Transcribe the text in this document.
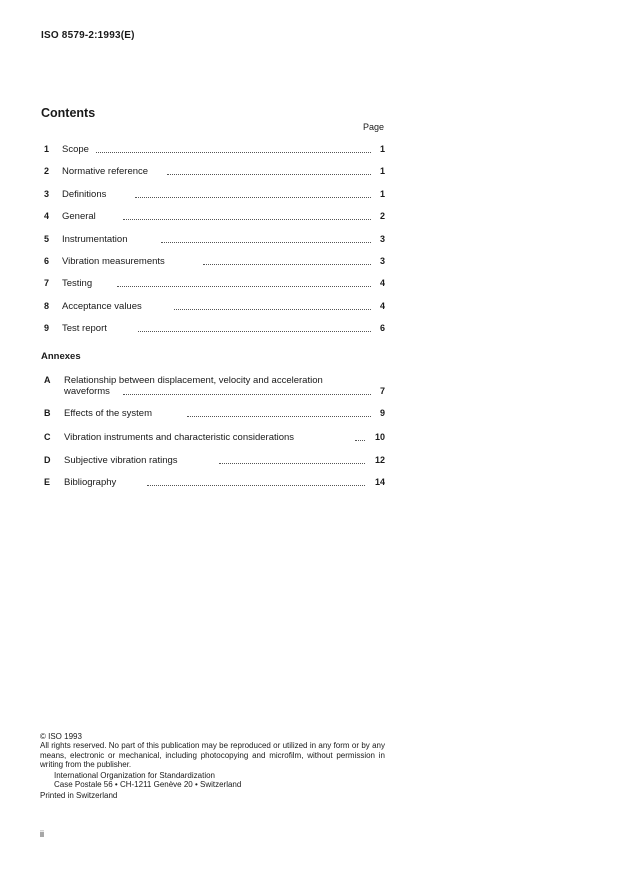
ISO 8579-2:1993(E)
Contents
Page
1 Scope	1
2 Normative reference	1
3 Definitions	1
4 General	2
5 Instrumentation	3
6 Vibration measurements	3
7 Testing	4
8 Acceptance values	4
9 Test report	6
Annexes
A Relationship between displacement, velocity and acceleration
waveforms	7
B Effects of the system	9
C Vibration instruments and characteristic considerations	10
D Subjective vibration ratings	12
E Bibliography	14
© ISO 1993
All rights reserved. No part of this publication may be reproduced or utilized in any form or by any means, electronic or mechanical, including photocopying and microfilm, without permission in writing from the publisher.
International Organization for Standardization
Case Postale 56 • CH-1211 Genève 20 • Switzerland
Printed in Switzerland
ii
